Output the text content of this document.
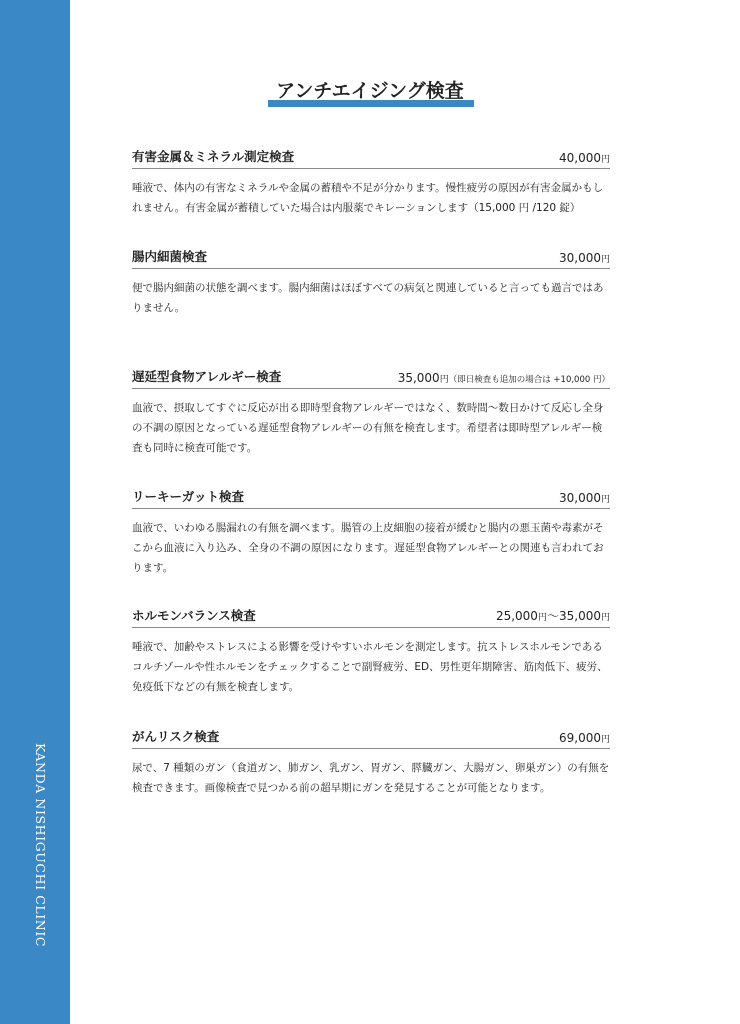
KANDA NISHIGUCHI CLINIC
アンチエイジング検査
有害金属＆ミネラル測定検査	40,000円
唾液で、体内の有害なミネラルや金属の蓄積や不足が分かります。慢性疲労の原因が有害金属かもしれません。有害金属が蓄積していた場合は内服薬でキレーションします（15,000 円 /120 錠）
腸内細菌検査	30,000円
便で腸内細菌の状態を調べます。腸内細菌はほぼすべての病気と関連していると言っても過言ではありません。
遅延型食物アレルギー検査	35,000円（即日検査も追加の場合は +10,000 円）
血液で、摂取してすぐに反応が出る即時型食物アレルギーではなく、数時間～数日かけて反応し全身の不調の原因となっている遅延型食物アレルギーの有無を検査します。希望者は即時型アレルギー検査も同時に検査可能です。
リーキーガット検査	30,000円
血液で、いわゆる腸漏れの有無を調べます。腸管の上皮細胞の接着が緩むと腸内の悪玉菌や毒素がそこから血液に入り込み、全身の不調の原因になります。遅延型食物アレルギーとの関連も言われております。
ホルモンバランス検査	25,000円～35,000円
唾液で、加齢やストレスによる影響を受けやすいホルモンを測定します。抗ストレスホルモンであるコルチゾールや性ホルモンをチェックすることで副腎疲労、ED、男性更年期障害、筋肉低下、疲労、免疫低下などの有無を検査します。
がんリスク検査	69,000円
尿で、7 種類のガン（食道ガン、肺ガン、乳ガン、胃ガン、膵臓ガン、大腸ガン、卵巣ガン）の有無を検査できます。画像検査で見つかる前の超早期にガンを発見することが可能となります。
